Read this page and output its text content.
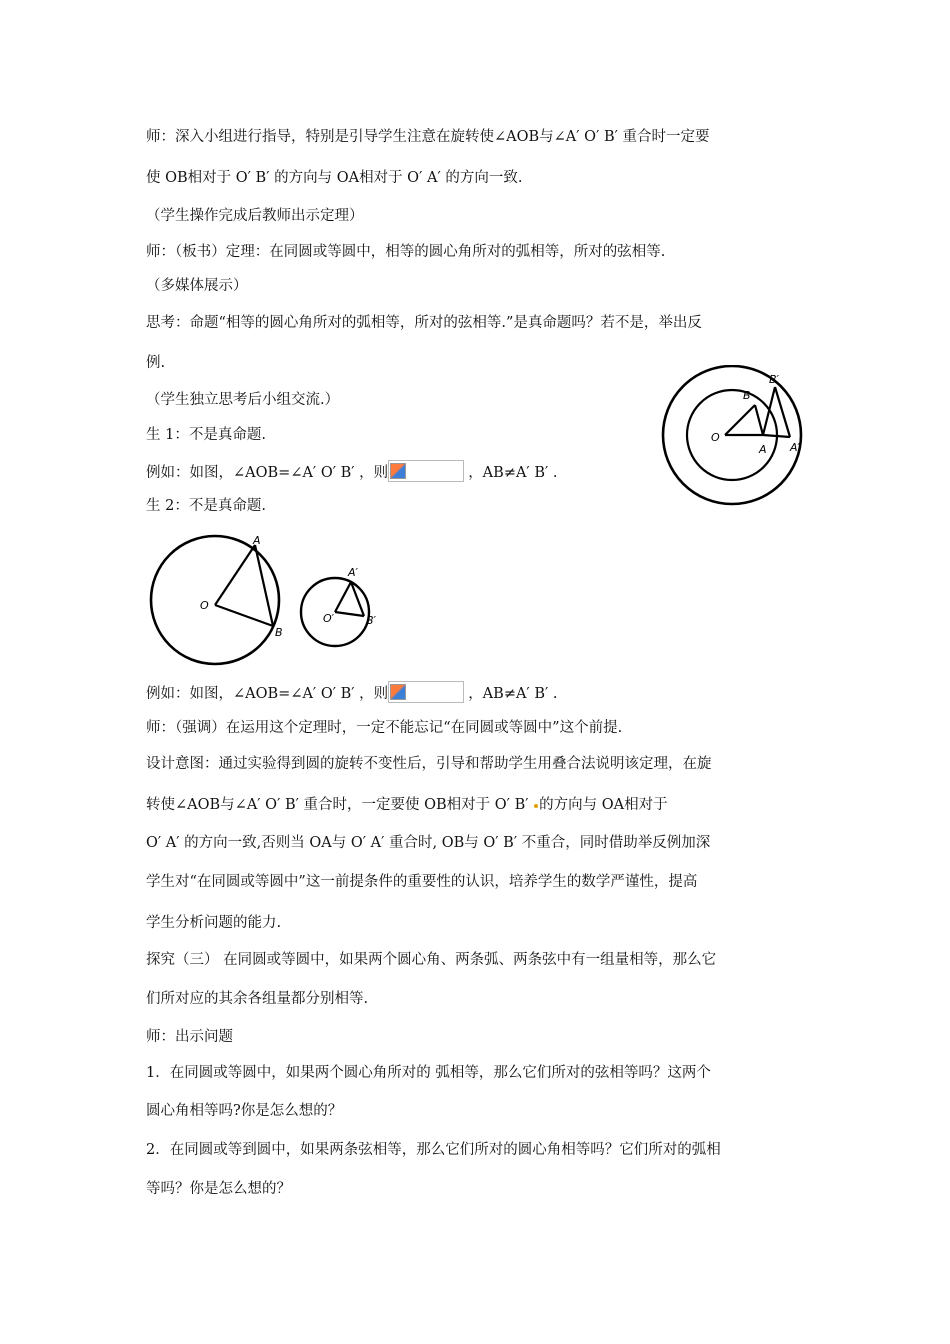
师：深入小组进行指导，特别是引导学生注意在旋转使∠AOB与∠A′ O′ B′ 重合时一定要
使 OB相对于 O′ B′ 的方向与 OA相对于 O′ A′ 的方向一致.
（学生操作完成后教师出示定理）
师：（板书）定理：在同圆或等圆中，相等的圆心角所对的弧相等，所对的弦相等.
（多媒体展示）
思考：命题“相等的圆心角所对的弧相等，所对的弦相等.”是真命题吗？若不是，举出反
例.
（学生独立思考后小组交流.）
生 1：不是真命题.
例如：如图，∠AOB=∠A′ O′ B′ ，则	，AB≠A′ B′ .
生 2：不是真命题.
B′
B
O
A A′
A
O
B
A′
O′	B′
例如：如图，∠AOB=∠A′ O′ B′ ，则	，AB≠A′ B′ .
师：（强调）在运用这个定理时，一定不能忘记“在同圆或等圆中”这个前提.
设计意图：通过实验得到圆的旋转不变性后，引导和帮助学生用叠合法说明该定理，在旋
转使∠AOB与∠A′ O′ B′ 重合时，一定要使 OB相对于 O′ B′ 的方向与 OA相对于
O′ A′ 的方向一致,否则当 OA与 O′ A′ 重合时, OB与 O′ B′ 不重合，同时借助举反例加深
学生对“在同圆或等圆中”这一前提条件的重要性的认识，培养学生的数学严谨性，提高
学生分析问题的能力.
探究（三） 在同圆或等圆中，如果两个圆心角、两条弧、两条弦中有一组量相等，那么它
们所对应的其余各组量都分别相等.
师：出示问题
1．在同圆或等圆中，如果两个圆心角所对的 弧相等，那么它们所对的弦相等吗？这两个
圆心角相等吗?你是怎么想的？
2．在同圆或等到圆中，如果两条弦相等，那么它们所对的圆心角相等吗？它们所对的弧相
等吗？你是怎么想的？
